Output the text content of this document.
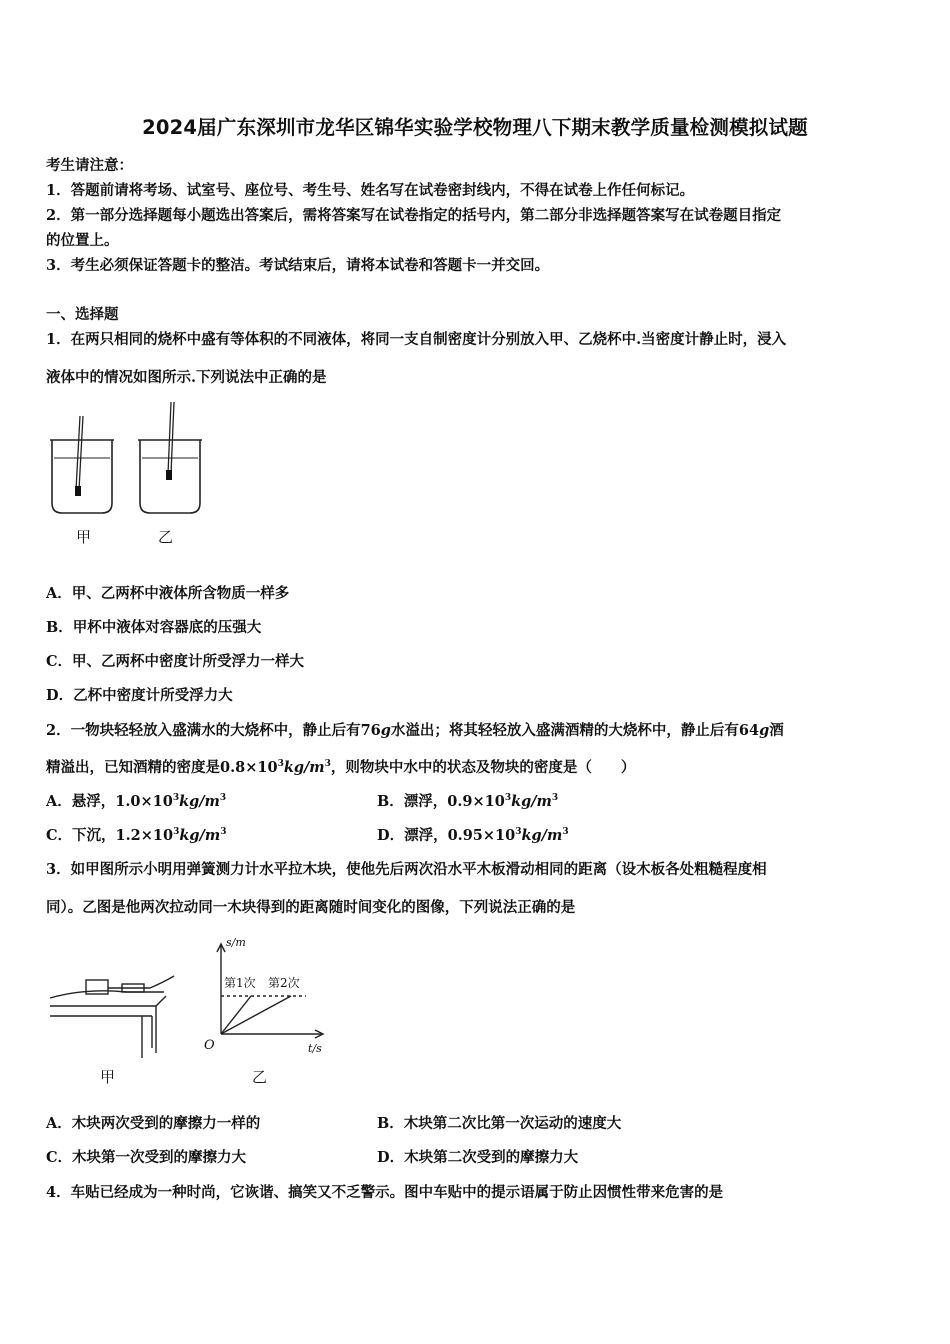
2024届广东深圳市龙华区锦华实验学校物理八下期末教学质量检测模拟试题
考生请注意：
1．答题前请将考场、试室号、座位号、考生号、姓名写在试卷密封线内，不得在试卷上作任何标记。
2．第一部分选择题每小题选出答案后，需将答案写在试卷指定的括号内，第二部分非选择题答案写在试卷题目指定
的位置上。
3．考生必须保证答题卡的整洁。考试结束后，请将本试卷和答题卡一并交回。
一、选择题
1．在两只相同的烧杯中盛有等体积的不同液体，将同一支自制密度计分别放入甲、乙烧杯中.当密度计静止时，浸入
液体中的情况如图所示.下列说法中正确的是
甲	乙
A．甲、乙两杯中液体所含物质一样多
B．甲杯中液体对容器底的压强大
C．甲、乙两杯中密度计所受浮力一样大
D．乙杯中密度计所受浮力大
2．一物块轻轻放入盛满水的大烧杯中，静止后有76g水溢出；将其轻轻放入盛满酒精的大烧杯中，静止后有64g酒
精溢出，已知酒精的密度是$0.8\times 10^3kg/m^3$，则物块中水中的状态及物块的密度是（　　）
A．悬浮，$1.0\times 10^3kg/m^3$	B．漂浮，$0.9\times 10^3kg/m^3$
C．下沉，$1.2\times 10^3kg/m^3$	D．漂浮，$0.95\times 10^3kg/m^3$
3．如甲图所示小明用弹簧测力计水平拉木块，使他先后两次沿水平木板滑动相同的距离（设木板各处粗糙程度相
同）。乙图是他两次拉动同一木块得到的距离随时间变化的图像，下列说法正确的是
s/m
第1次 第2次
O	t/s
甲	乙
A．木块两次受到的摩擦力一样的	B．木块第二次比第一次运动的速度大
C．木块第一次受到的摩擦力大	D．木块第二次受到的摩擦力大
4．车贴已经成为一种时尚，它诙谐、搞笑又不乏警示。图中车贴中的提示语属于防止因惯性带来危害的是
